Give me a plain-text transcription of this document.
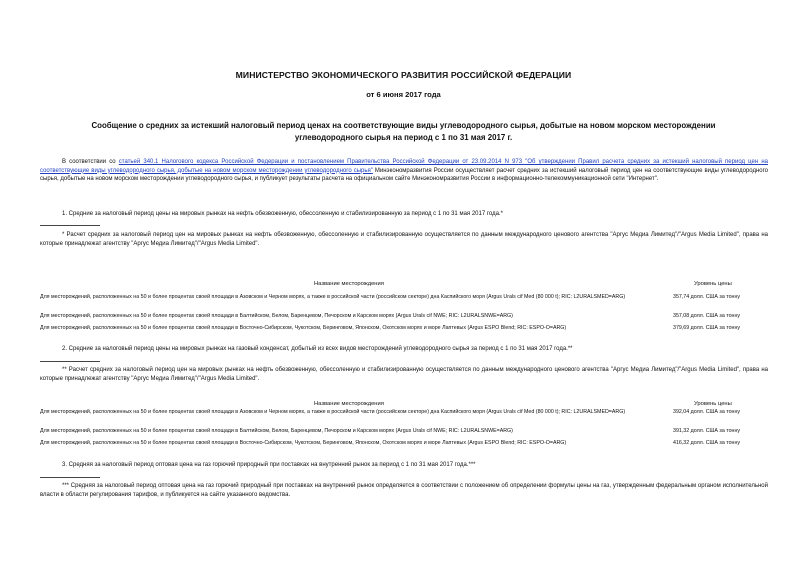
МИНИСТЕРСТВО ЭКОНОМИЧЕСКОГО РАЗВИТИЯ РОССИЙСКОЙ ФЕДЕРАЦИИ
от 6 июня 2017 года
Сообщение о средних за истекший налоговый период ценах на соответствующие виды углеводородного сырья, добытые на новом морском месторождении углеводородного сырья на период с 1 по 31 мая 2017 г.
В соответствии со статьей 340.1 Налогового кодекса Российской Федерации и постановлением Правительства Российской Федерации от 23.09.2014 N 973 "Об утверждении Правил расчета средних за истекший налоговый период цен на соответствующие виды углеводородного сырья, добытые на новом морском месторождении углеводородного сырья" Минэкономразвития России осуществляет расчет средних за истекший налоговый период цен на соответствующие виды углеводородного сырья, добытые на новом морском месторождении углеводородного сырья, и публикует результаты расчета на официальном сайте Минэкономразвития России в информационно-телекоммуникационной сети "Интернет".
1. Средние за налоговый период цены на мировых рынках на нефть обезвоженную, обессоленную и стабилизированную за период с 1 по 31 мая 2017 года.*
* Расчет средних за налоговый период цен на мировых рынках на нефть обезвоженную, обессоленную и стабилизированную осуществляется по данным международного ценового агентства "Аргус Медиа Лимитед"/"Argus Media Limited", права на которые принадлежат агентству "Аргус Медиа Лимитед"/"Argus Media Limited".
Название месторождения	Уровень цены
Для месторождений, расположенных на 50 и более процентах своей площади в Азовском и Черном морях, а также в российской части (российском секторе) дна Каспийского моря (Argus Urals cif Med (80 000 t); RIC: L2URALSMED=ARG)	357,74 долл. США за тонну
Для месторождений, расположенных на 50 и более процентах своей площади в Балтийском, Белом, Баренцевом, Печорском и Карском морях (Argus Urals cif NWE; RIC: L2URALSNWE=ARG)	357,08 долл. США за тонну
Для месторождений, расположенных на 50 и более процентах своей площади в Восточно-Сибирском, Чукотском, Беринговом, Японском, Охотском морях и море Лаптевых (Argus ESPO Blend; RIC: ESPO-O=ARG)	379,69 долл. США за тонну
2. Средние за налоговый период цены на мировых рынках на газовый конденсат, добытый из всех видов месторождений углеводородного сырья за период с 1 по 31 мая 2017 года.**
** Расчет средних за налоговый период цен на мировых рынках на нефть обезвоженную, обессоленную и стабилизированную осуществляется по данным международного ценового агентства "Аргус Медиа Лимитед"/"Argus Media Limited", права на которые принадлежат агентству "Аргус Медиа Лимитед"/"Argus Media Limited".
Название месторождения	Уровень цены
Для месторождений, расположенных на 50 и более процентах своей площади в Азовском и Черном морях, а также в российской части (российском секторе) дна Каспийского моря (Argus Urals cif Med (80 000 t); RIC: L2URALSMED=ARG)	392,04 долл. США за тонну
Для месторождений, расположенных на 50 и более процентах своей площади в Балтийском, Белом, Баренцевом, Печорском и Карском морях (Argus Urals cif NWE; RIC: L2URALSNWE=ARG)	391,32 долл. США за тонну
Для месторождений, расположенных на 50 и более процентах своей площади в Восточно-Сибирском, Чукотском, Беринговом, Японском, Охотском морях и море Лаптевых (Argus ESPO Blend; RIC: ESPO-O=ARG)	416,32 долл. США за тонну
3. Средняя за налоговый период оптовая цена на газ горючий природный при поставках на внутренний рынок за период с 1 по 31 мая 2017 года.***
*** Средняя за налоговый период оптовая цена на газ горючий природный при поставках на внутренний рынок определяется в соответствии с положением об определении формулы цены на газ, утвержденным федеральным органом исполнительной власти в области регулирования тарифов, и публикуется на сайте указанного ведомства.
